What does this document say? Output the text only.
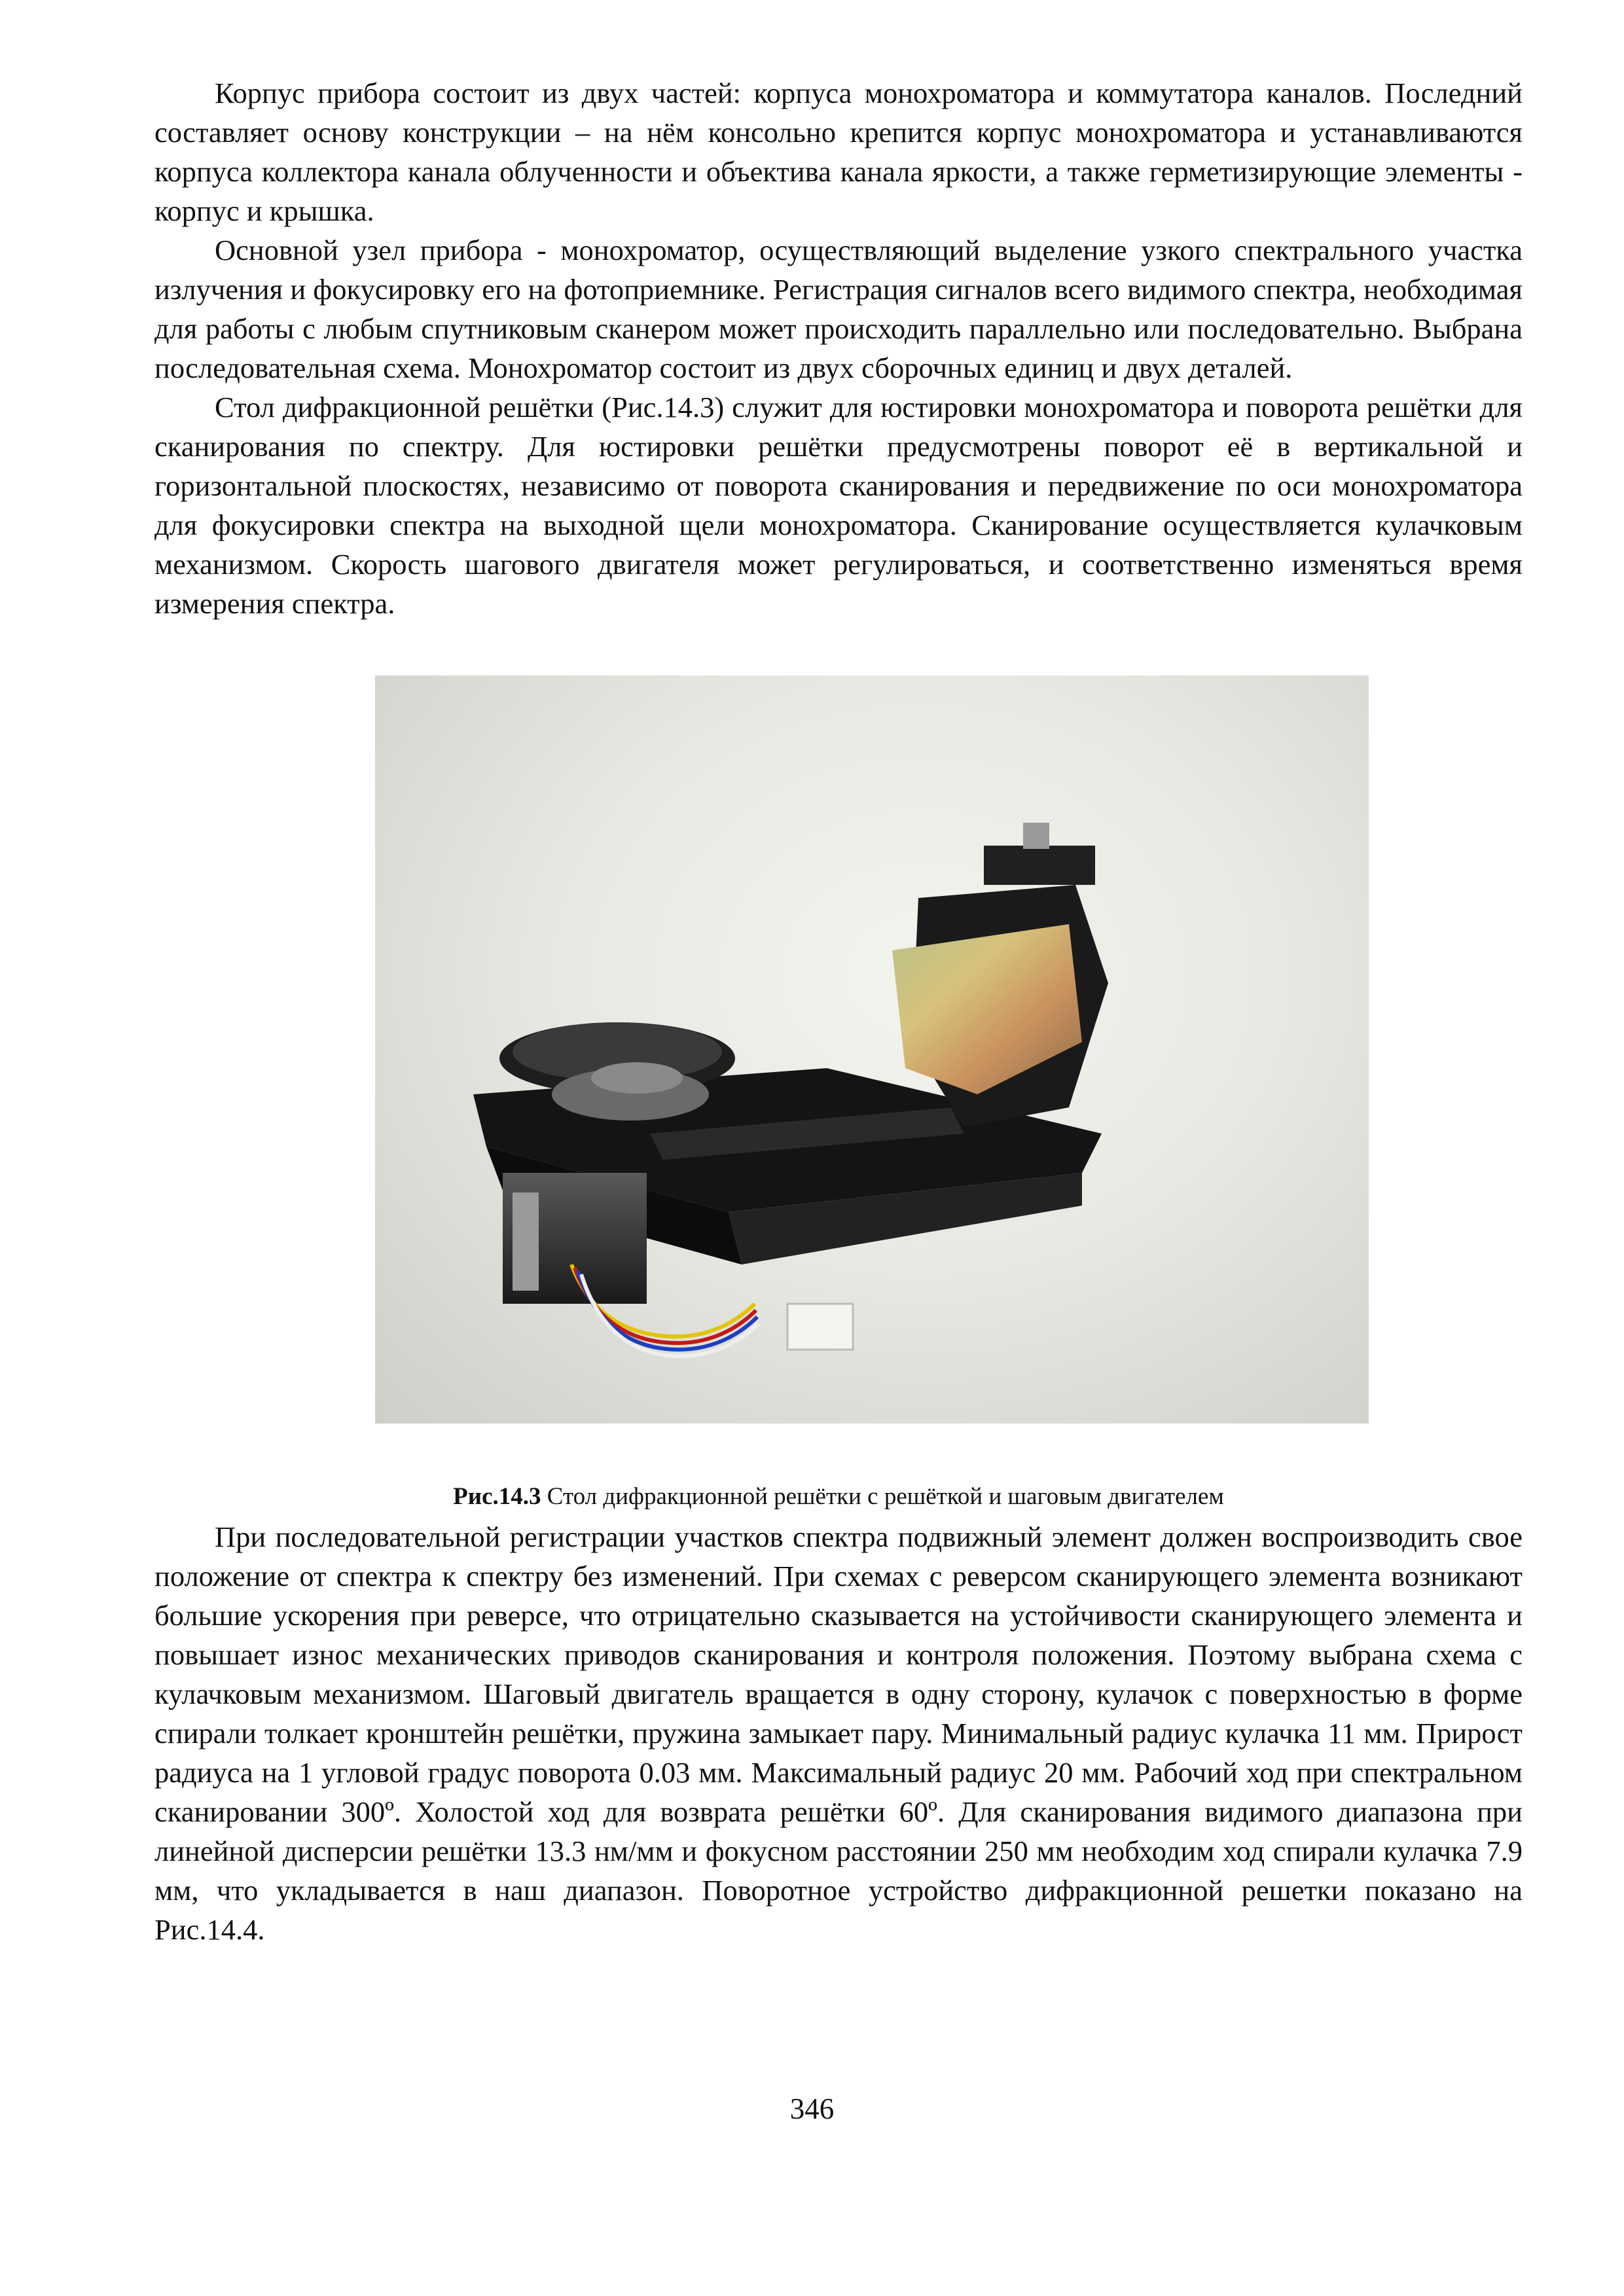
Корпус прибора состоит из двух частей: корпуса монохроматора и коммутатора каналов. Последний составляет основу конструкции – на нём консольно крепится корпус монохроматора и устанавливаются корпуса коллектора канала облученности и объектива канала яркости, а также герметизирующие элементы - корпус и крышка.

Основной узел прибора - монохроматор, осуществляющий выделение узкого спектрального участка излучения и фокусировку его на фотоприемнике. Регистрация сигналов всего видимого спектра, необходимая для работы с любым спутниковым сканером может происходить параллельно или последовательно. Выбрана последовательная схема. Монохроматор состоит из двух сборочных единиц и двух деталей.

Стол дифракционной решётки (Рис.14.3) служит для юстировки монохроматора и поворота решётки для сканирования по спектру. Для юстировки решётки предусмотрены поворот её в вертикальной и горизонтальной плоскостях, независимо от поворота сканирования и передвижение по оси монохроматора для фокусировки спектра на выходной щели монохроматора. Сканирование осуществляется кулачковым механизмом. Скорость шагового двигателя может регулироваться, и соответственно изменяться время измерения спектра.

Рис.14.3 Стол дифракционной решётки с решёткой и шаговым двигателем

При последовательной регистрации участков спектра подвижный элемент должен воспроизводить свое положение от спектра к спектру без изменений. При схемах с реверсом сканирующего элемента возникают большие ускорения при реверсе, что отрицательно сказывается на устойчивости сканирующего элемента и повышает износ механических приводов сканирования и контроля положения. Поэтому выбрана схема с кулачковым механизмом. Шаговый двигатель вращается в одну сторону, кулачок с поверхностью в форме спирали толкает кронштейн решётки, пружина замыкает пару. Минимальный радиус кулачка 11 мм. Прирост радиуса на 1 угловой градус поворота 0.03 мм. Максимальный радиус 20 мм. Рабочий ход при спектральном сканировании 300º. Холостой ход для возврата решётки 60º. Для сканирования видимого диапазона при линейной дисперсии решётки 13.3 нм/мм и фокусном расстоянии 250 мм необходим ход спирали кулачка 7.9 мм, что укладывается в наш диапазон. Поворотное устройство дифракционной решетки показано на Рис.14.4.

346
